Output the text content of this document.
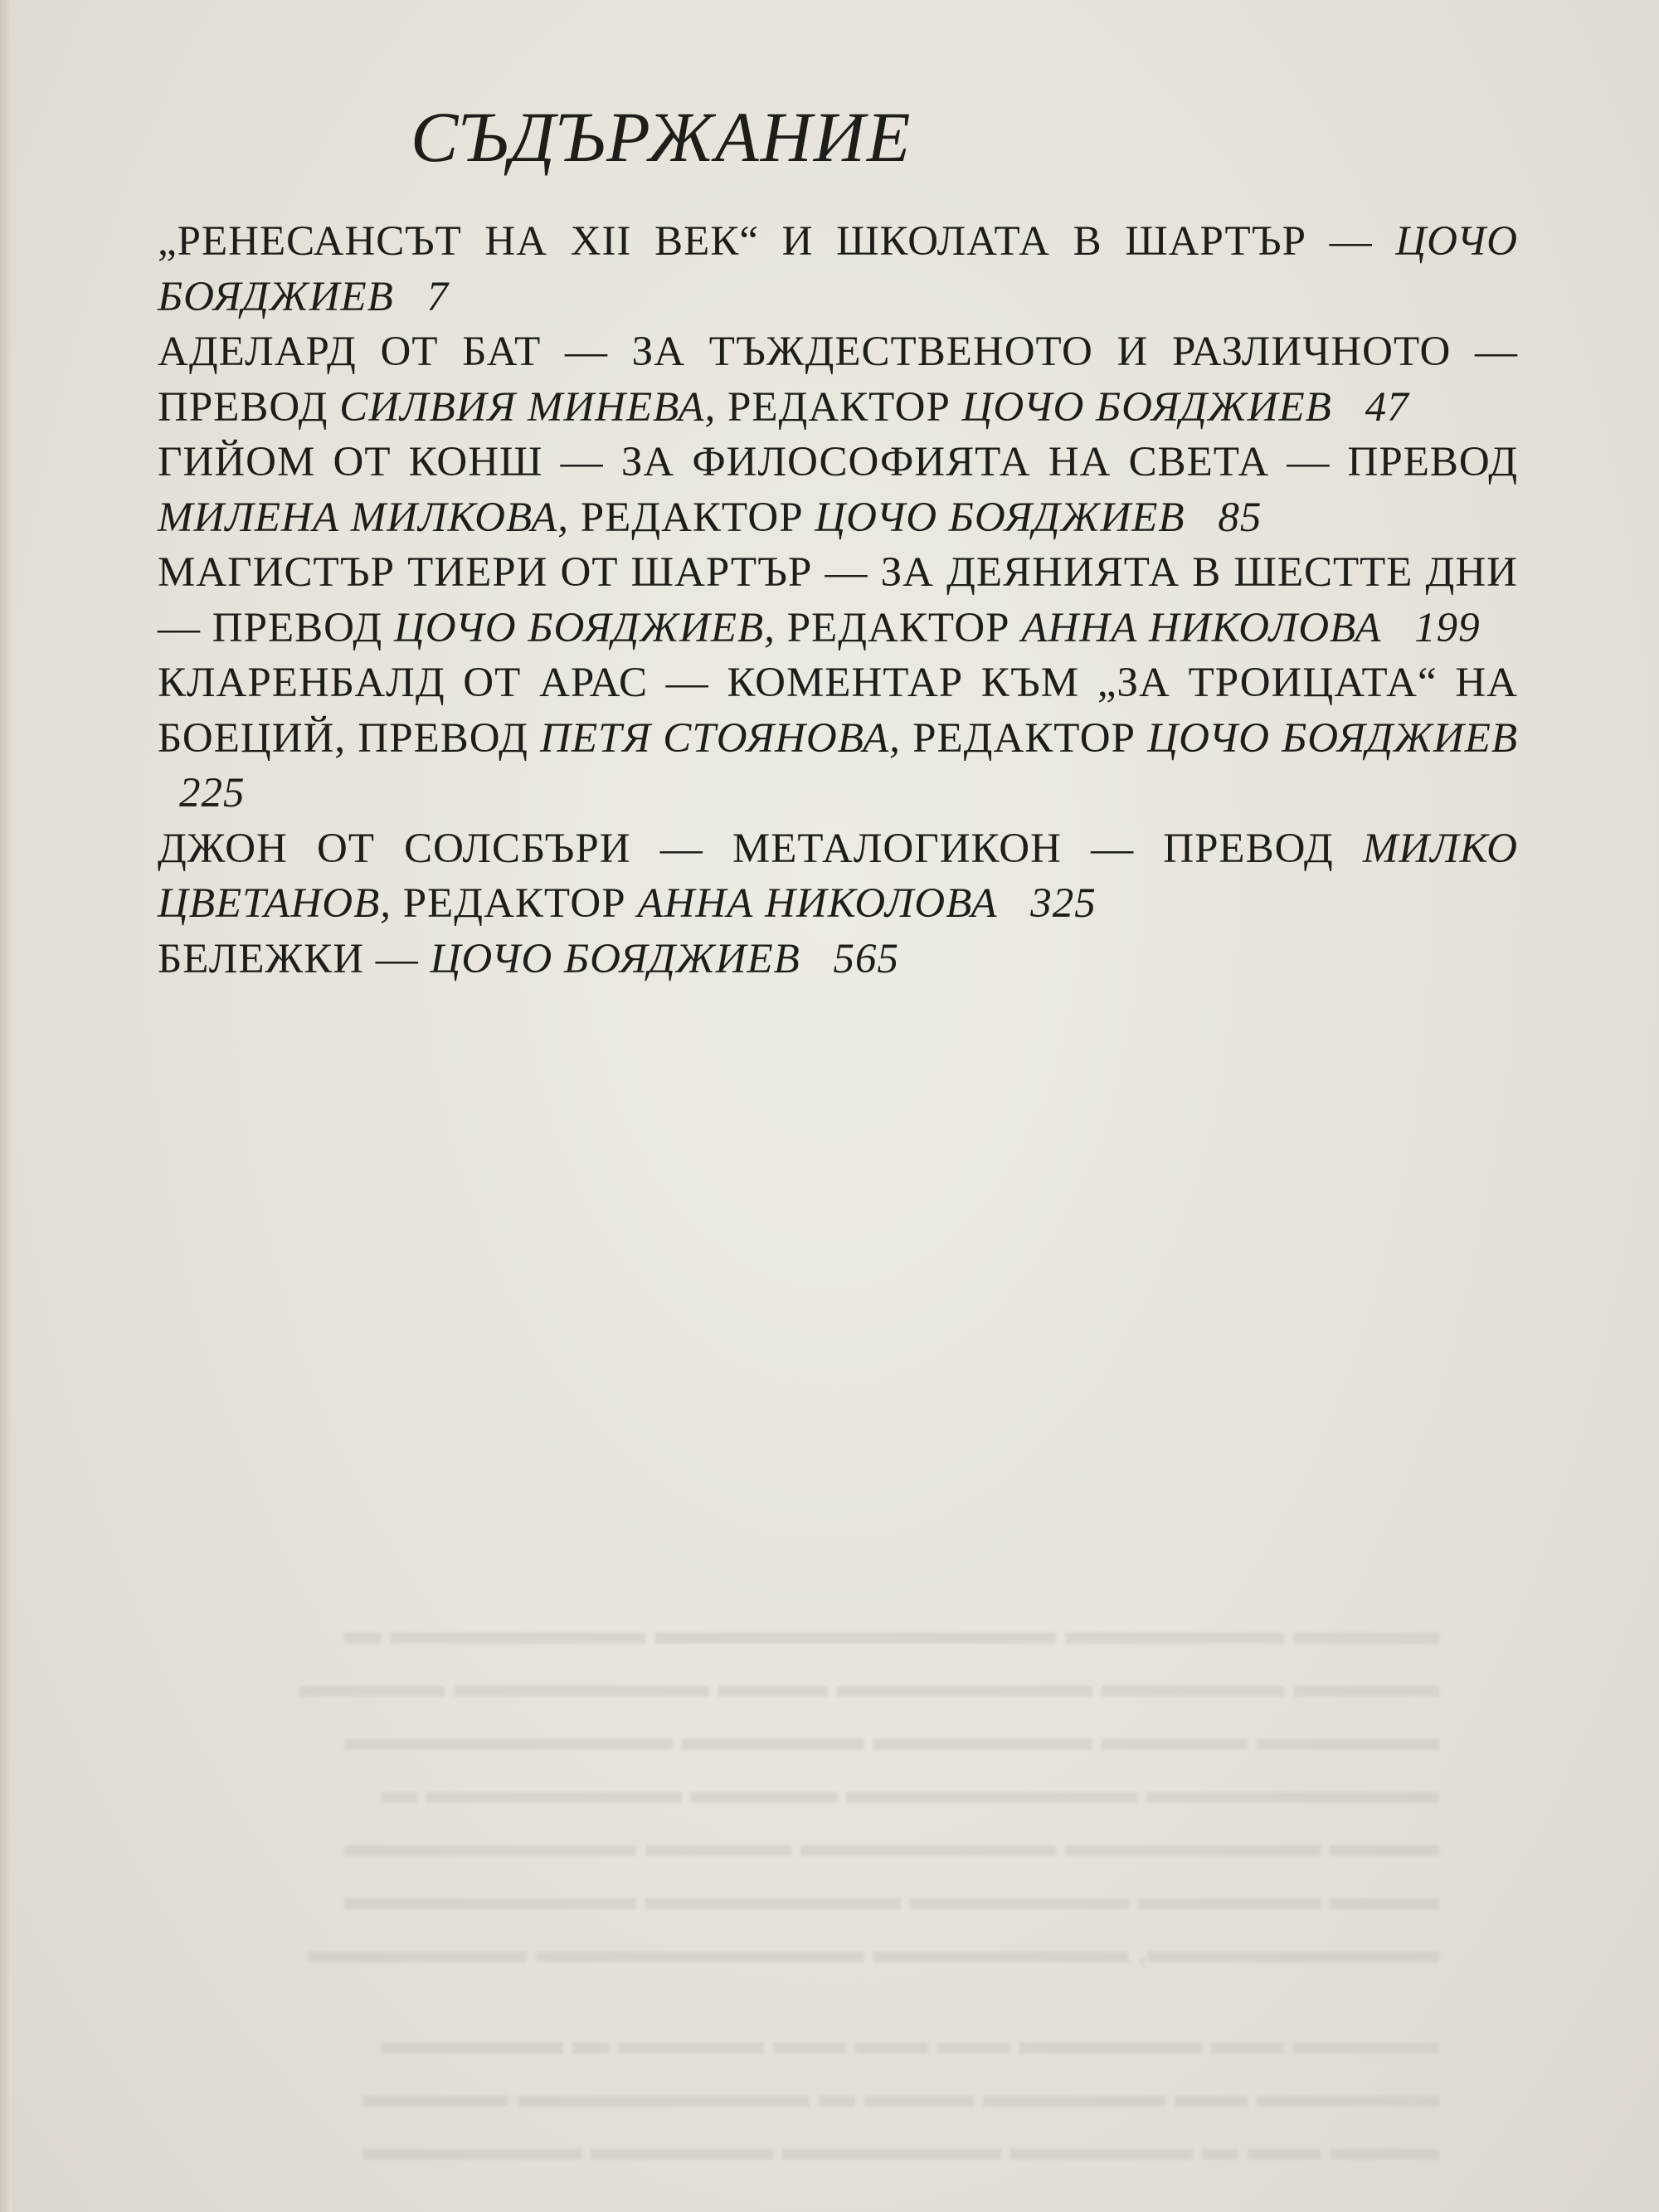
СЪДЪРЖАНИЕ
„РЕНЕСАНСЪТ НА XII ВЕК“ И ШКОЛАТА В ШАРТЪР — ЦОЧО БОЯДЖИЕВ 7
АДЕЛАРД ОТ БАТ — ЗА ТЪЖДЕСТВЕНОТО И РАЗЛИЧНОТО — ПРЕВОД СИЛВИЯ МИНЕВА, РЕДАКТОР ЦОЧО БОЯДЖИЕВ 47
ГИЙОМ ОТ КОНШ — ЗА ФИЛОСОФИЯТА НА СВЕТА — ПРЕВОД МИЛЕНА МИЛКОВА, РЕДАКТОР ЦОЧО БОЯДЖИЕВ 85
МАГИСТЪР ТИЕРИ ОТ ШАРТЪР — ЗА ДЕЯНИЯТА В ШЕСТТЕ ДНИ — ПРЕВОД ЦОЧО БОЯДЖИЕВ, РЕДАКТОР АННА НИКОЛОВА 199
КЛАРЕНБАЛД ОТ АРАС — КОМЕНТАР КЪМ „ЗА ТРОИЦАТА“ НА БОЕЦИЙ, ПРЕВОД ПЕТЯ СТОЯНОВА, РЕДАКТОР ЦОЧО БОЯДЖИЕВ 225
ДЖОН ОТ СОЛСБЪРИ — МЕТАЛОГИКОН — ПРЕВОД МИЛКО ЦВЕТАНОВ, РЕДАКТОР АННА НИКОЛОВА 325
БЕЛЕЖКИ — ЦОЧО БОЯДЖИЕВ 565
▬▬▬▬ ▬▬▬▬▬▬ ▬▬▬▬▬▬▬▬▬▬▬ ▬▬▬▬▬▬▬ ▬
▬▬▬▬ ▬▬▬▬▬ ▬▬▬▬▬▬▬ ▬▬▬ ▬▬▬▬▬▬▬ ▬▬▬▬
▬▬▬▬▬ ▬▬▬▬ ▬▬▬▬▬▬ ▬▬▬▬▬ ▬▬▬▬▬▬▬▬▬
▬▬▬▬▬▬▬▬ ▬▬▬▬▬▬▬▬ ▬▬▬▬ ▬▬▬▬▬▬▬ ▬
▬▬▬ ▬▬▬▬▬▬▬ ▬▬▬▬▬▬▬ ▬▬▬▬ ▬▬▬▬▬▬▬▬
▬▬▬ ▬▬▬▬▬ ▬▬▬▬▬▬ ▬▬▬▬▬▬▬ ▬▬▬▬▬▬▬▬
▬▬▬▬▬▬▬▬, ▬▬▬▬▬▬▬ ▬▬▬▬▬▬▬▬▬ ▬▬▬▬▬▬
▬▬▬▬ ▬▬ ▬▬▬▬▬ ▬▬ ▬▬ ▬▬ ▬▬▬▬ ▬ ▬▬▬▬▬
▬▬▬▬▬ ▬▬ ▬▬▬▬▬ ▬▬▬ ▬ ▬▬▬▬▬▬▬▬ ▬▬▬▬
▬▬▬ ▬▬ ▬ ▬▬▬▬▬ ▬▬▬▬▬▬ ▬▬▬▬▬ ▬▬▬▬▬▬
